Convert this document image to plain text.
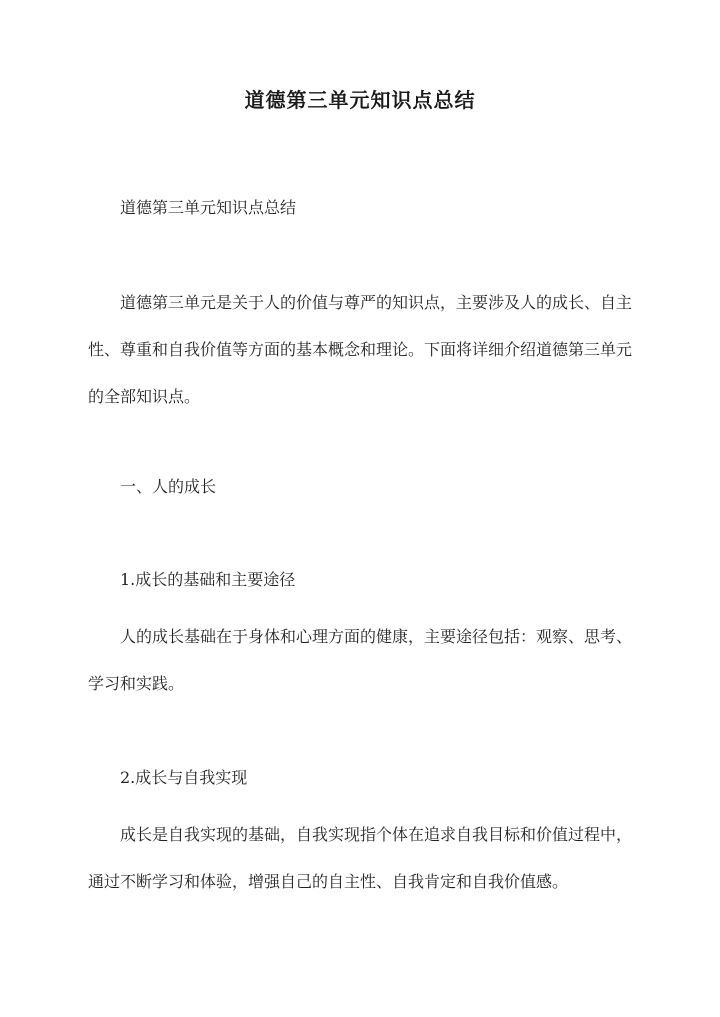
道德第三单元知识点总结
道德第三单元知识点总结
道德第三单元是关于人的价值与尊严的知识点，主要涉及人的成长、自主性、尊重和自我价值等方面的基本概念和理论。下面将详细介绍道德第三单元的全部知识点。
一、人的成长
1.成长的基础和主要途径
人的成长基础在于身体和心理方面的健康，主要途径包括：观察、思考、学习和实践。
2.成长与自我实现
成长是自我实现的基础，自我实现指个体在追求自我目标和价值过程中，通过不断学习和体验，增强自己的自主性、自我肯定和自我价值感。
